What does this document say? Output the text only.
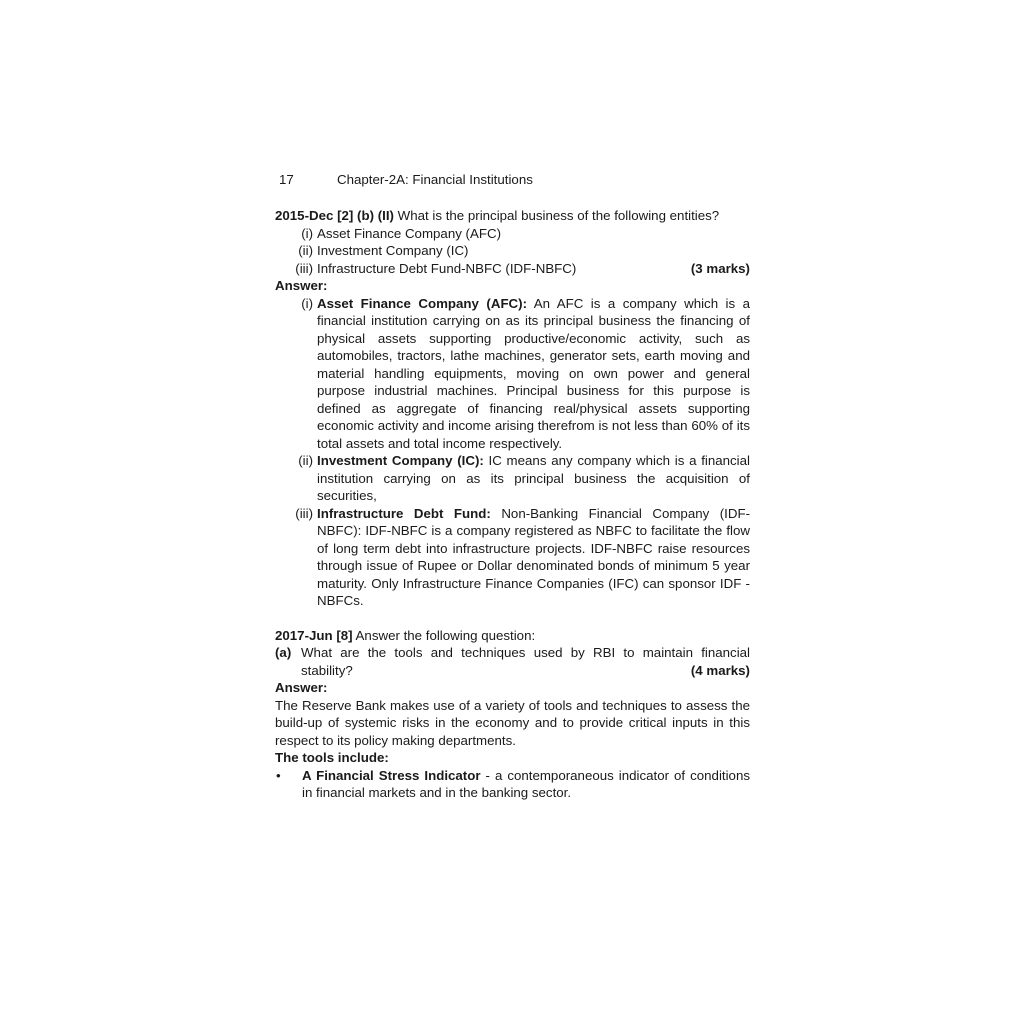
17	Chapter-2A: Financial Institutions
2015-Dec [2] (b) (II) What is the principal business of the following entities?
(i) Asset Finance Company (AFC)
(ii) Investment Company (IC)
(iii) Infrastructure Debt Fund-NBFC (IDF-NBFC)	(3 marks)
Answer:
(i) Asset Finance Company (AFC): An AFC is a company which is a financial institution carrying on as its principal business the financing of physical assets supporting productive/economic activity, such as automobiles, tractors, lathe machines, generator sets, earth moving and material handling equipments, moving on own power and general purpose industrial machines. Principal business for this purpose is defined as aggregate of financing real/physical assets supporting economic activity and income arising therefrom is not less than 60% of its total assets and total income respectively.
(ii) Investment Company (IC): IC means any company which is a financial institution carrying on as its principal business the acquisition of securities,
(iii) Infrastructure Debt Fund: Non-Banking Financial Company (IDF-NBFC): IDF-NBFC is a company registered as NBFC to facilitate the flow of long term debt into infrastructure projects. IDF-NBFC raise resources through issue of Rupee or Dollar denominated bonds of minimum 5 year maturity. Only Infrastructure Finance Companies (IFC) can sponsor IDF - NBFCs.
2017-Jun [8] Answer the following question:
(a) What are the tools and techniques used by RBI to maintain financial stability?	(4 marks)
Answer:
The Reserve Bank makes use of a variety of tools and techniques to assess the build-up of systemic risks in the economy and to provide critical inputs in this respect to its policy making departments.
The tools include:
•	A Financial Stress Indicator - a contemporaneous indicator of conditions in financial markets and in the banking sector.
